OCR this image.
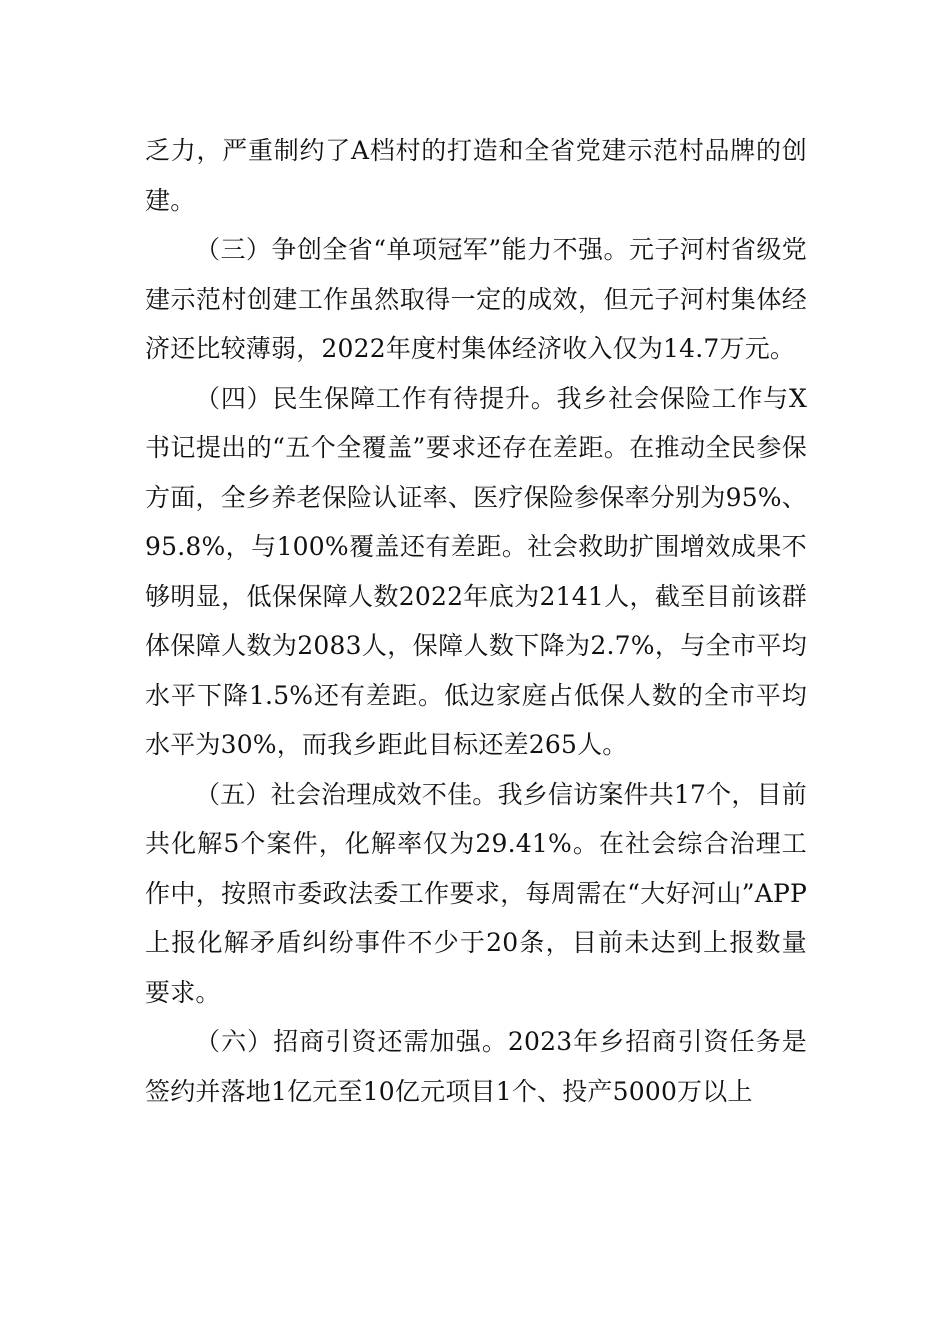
乏力，严重制约了A档村的打造和全省党建示范村品牌的创建。

（三）争创全省“单项冠军”能力不强。元子河村省级党建示范村创建工作虽然取得一定的成效，但元子河村集体经济还比较薄弱，2022年度村集体经济收入仅为14.7万元。

（四）民生保障工作有待提升。我乡社会保险工作与X书记提出的“五个全覆盖”要求还存在差距。在推动全民参保方面，全乡养老保险认证率、医疗保险参保率分别为95%、95.8%，与100%覆盖还有差距。社会救助扩围增效成果不够明显，低保保障人数2022年底为2141人，截至目前该群体保障人数为2083人，保障人数下降为2.7%，与全市平均水平下降1.5%还有差距。低边家庭占低保人数的全市平均水平为30%，而我乡距此目标还差265人。

（五）社会治理成效不佳。我乡信访案件共17个，目前共化解5个案件，化解率仅为29.41%。在社会综合治理工作中，按照市委政法委工作要求，每周需在“大好河山”APP上报化解矛盾纠纷事件不少于20条，目前未达到上报数量要求。

（六）招商引资还需加强。2023年乡招商引资任务是签约并落地1亿元至10亿元项目1个、投产5000万以上
